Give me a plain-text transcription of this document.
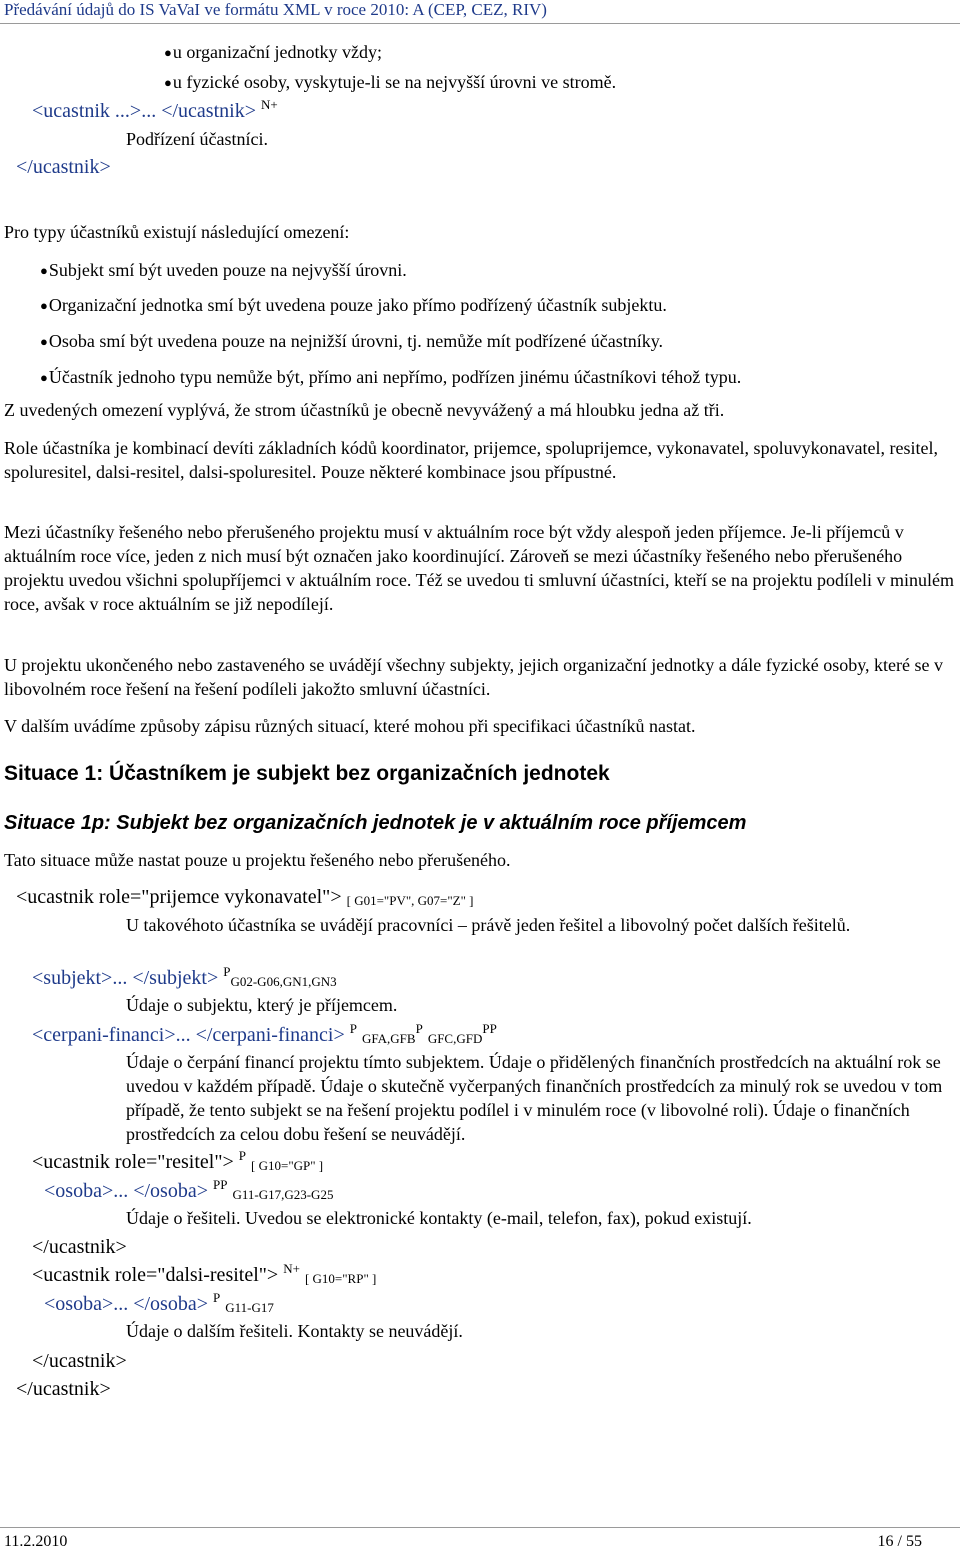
Předávání údajů do IS VaVaI ve formátu XML v roce 2010: A (CEP, CEZ, RIV)
● u organizační jednotky vždy;
● u fyzické osoby, vyskytuje-li se na nejvyšší úrovni ve stromě.
<ucastnik ...>... </ucastnik> $^{N+}$
Podřízení účastníci.
</ucastnik>
Pro typy účastníků existují následující omezení:
● Subjekt smí být uveden pouze na nejvyšší úrovni.
● Organizační jednotka smí být uvedena pouze jako přímo podřízený účastník subjektu.
● Osoba smí být uvedena pouze na nejnižší úrovni, tj. nemůže mít podřízené účastníky.
● Účastník jednoho typu nemůže být, přímo ani nepřímo, podřízen jinému účastníkovi téhož typu.
Z uvedených omezení vyplývá, že strom účastníků je obecně nevyvážený a má hloubku jedna až tři.
Role účastníka je kombinací devíti základních kódů koordinator, prijemce, spoluprijemce, vykonavatel, spoluvykonavatel, resitel, spoluresitel, dalsi-resitel, dalsi-spoluresitel. Pouze některé kombinace jsou přípustné.
Mezi účastníky řešeného nebo přerušeného projektu musí v aktuálním roce být vždy alespoň jeden příjemce. Je-li příjemců v aktuálním roce více, jeden z nich musí být označen jako koordinující. Zároveň se mezi účastníky řešeného nebo přerušeného projektu uvedou všichni spolupříjemci v aktuálním roce. Též se uvedou ti smluvní účastníci, kteří se na projektu podíleli v minulém roce, avšak v roce aktuálním se již nepodílejí.
U projektu ukončeného nebo zastaveného se uvádějí všechny subjekty, jejich organizační jednotky a dále fyzické osoby, které se v libovolném roce řešení na řešení podíleli jakožto smluvní účastníci.
V dalším uvádíme způsoby zápisu různých situací, které mohou při specifikaci účastníků nastat.
Situace 1: Účastníkem je subjekt bez organizačních jednotek
Situace 1p: Subjekt bez organizačních jednotek je v aktuálním roce příjemcem
Tato situace může nastat pouze u projektu řešeného nebo přerušeného.
<ucastnik role="prijemce vykonavatel"> [ G01="PV", G07="Z" ]
U takovéhoto účastníka se uvádějí pracovníci – právě jeden řešitel a libovolný počet dalších řešitelů.
<subjekt>... </subjekt> $^P$G02-G06,GN1,GN3
Údaje o subjektu, který je příjemcem.
<cerpani-financi>... </cerpani-financi> $^P$ $GFA,GFB^P$ $GFC,GFD^{PP}$
Údaje o čerpání financí projektu tímto subjektem. Údaje o přidělených finančních prostředcích na aktuální rok se uvedou v každém případě. Údaje o skutečně vyčerpaných finančních prostředcích za minulý rok se uvedou v tom případě, že tento subjekt se na řešení projektu podílel i v minulém roce (v libovolné roli). Údaje o finančních prostředcích za celou dobu řešení se neuvádějí.
<ucastnik role="resitel"> $^P$ [ G10="GP" ]
<osoba>... </osoba> $^{PP}$ G11-G17,G23-G25
Údaje o řešiteli. Uvedou se elektronické kontakty (e-mail, telefon, fax), pokud existují.
</ucastnik>
<ucastnik role="dalsi-resitel"> $^{N+}$ [ G10="RP" ]
<osoba>... </osoba> $^P$ G11-G17
Údaje o dalším řešiteli. Kontakty se neuvádějí.
</ucastnik>
</ucastnik>
11.2.2010	16 / 55
